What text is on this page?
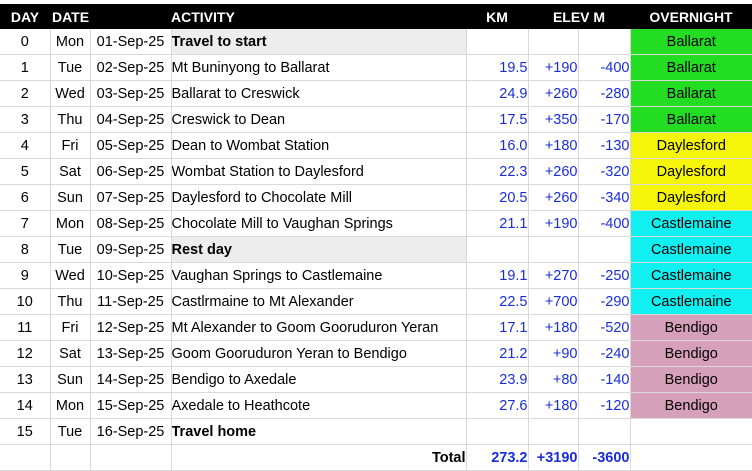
DAY	DATE		ACTIVITY	KM	ELEV M		OVERNIGHT
0	Mon	01-Sep-25	Travel to start				Ballarat
1	Tue	02-Sep-25	Mt Buninyong to Ballarat	19.5	+190	-400	Ballarat
2	Wed	03-Sep-25	Ballarat to Creswick	24.9	+260	-280	Ballarat
3	Thu	04-Sep-25	Creswick to Dean	17.5	+350	-170	Ballarat
4	Fri	05-Sep-25	Dean to Wombat Station	16.0	+180	-130	Daylesford
5	Sat	06-Sep-25	Wombat Station to Daylesford	22.3	+260	-320	Daylesford
6	Sun	07-Sep-25	Daylesford to Chocolate Mill	20.5	+260	-340	Daylesford
7	Mon	08-Sep-25	Chocolate Mill to Vaughan Springs	21.1	+190	-400	Castlemaine
8	Tue	09-Sep-25	Rest day				Castlemaine
9	Wed	10-Sep-25	Vaughan Springs to Castlemaine	19.1	+270	-250	Castlemaine
10	Thu	11-Sep-25	Castlrmaine to Mt Alexander	22.5	+700	-290	Castlemaine
11	Fri	12-Sep-25	Mt Alexander to Goom Gooruduron Yeran	17.1	+180	-520	Bendigo
12	Sat	13-Sep-25	Goom Gooruduron Yeran to Bendigo	21.2	+90	-240	Bendigo
13	Sun	14-Sep-25	Bendigo to Axedale	23.9	+80	-140	Bendigo
14	Mon	15-Sep-25	Axedale to Heathcote	27.6	+180	-120	Bendigo
15	Tue	16-Sep-25	Travel home				
			Total	273.2	+3190	-3600	
